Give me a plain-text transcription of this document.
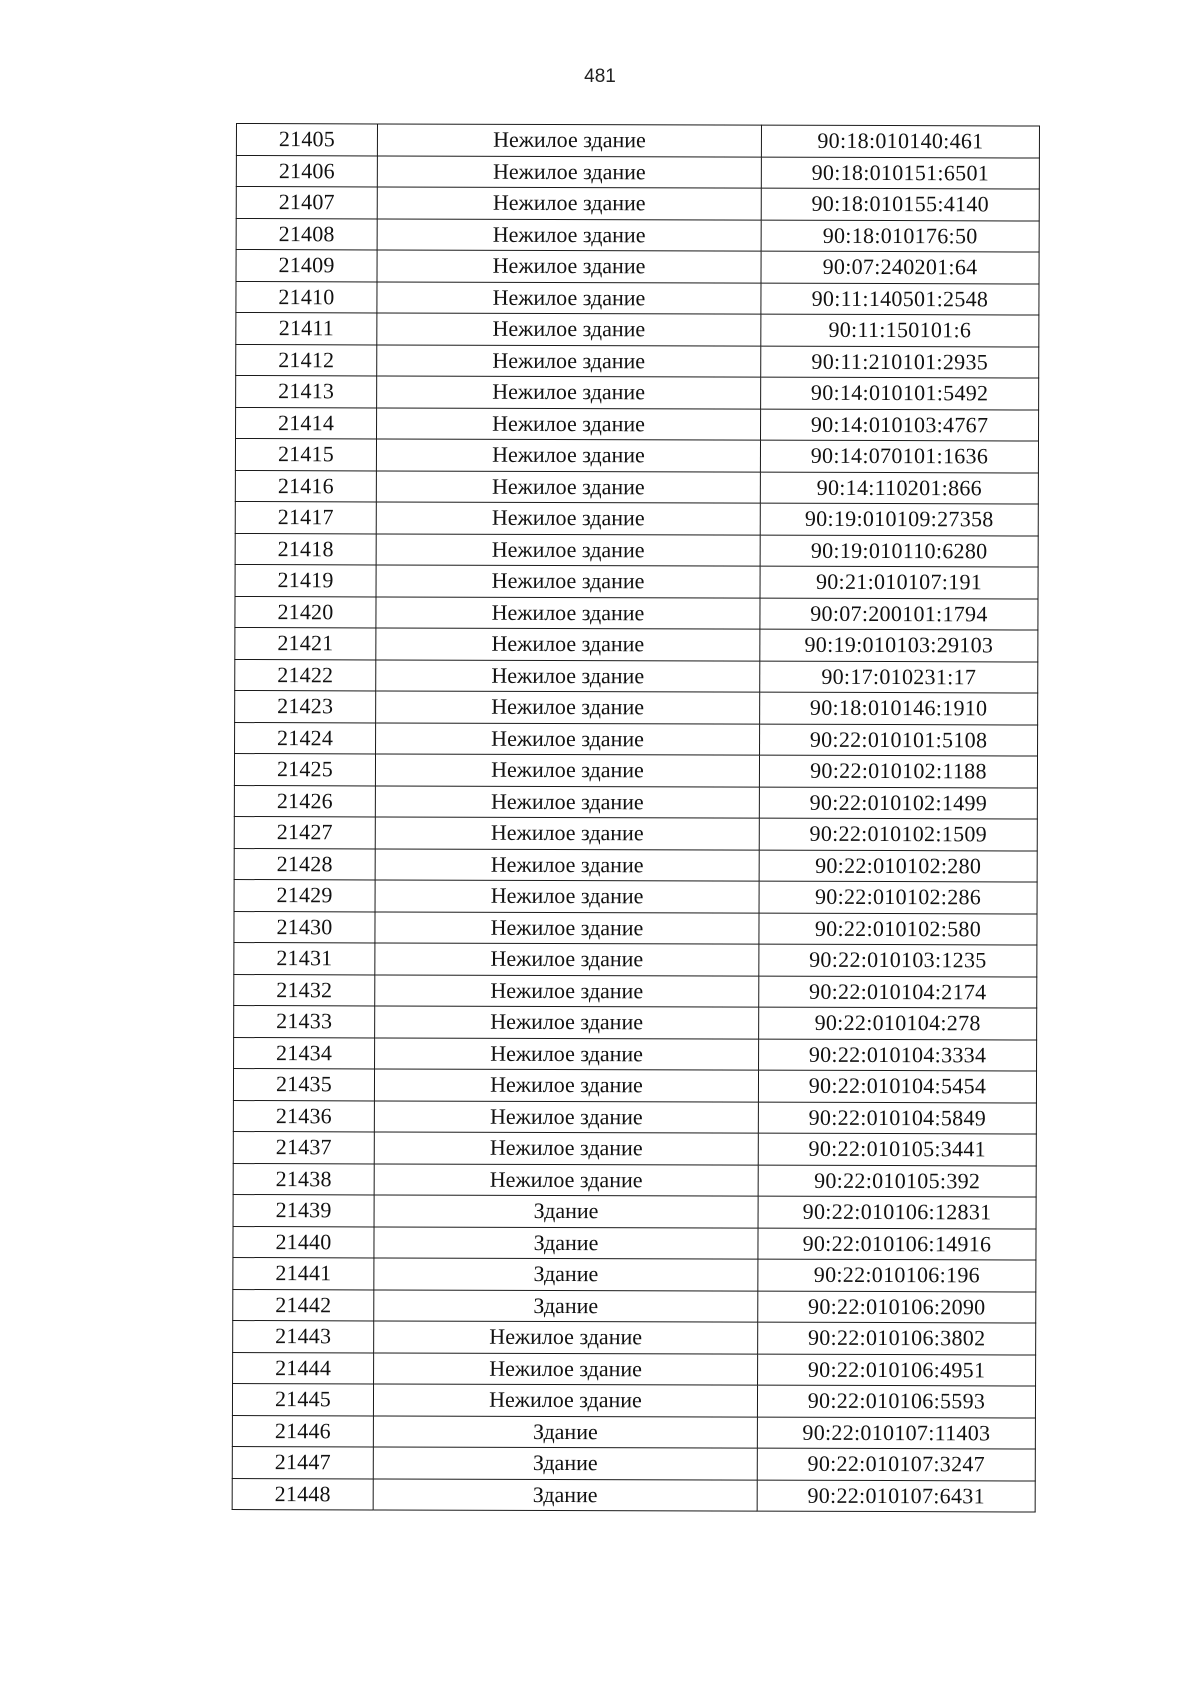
481
21405	Нежилое здание	90:18:010140:461
21406	Нежилое здание	90:18:010151:6501
21407	Нежилое здание	90:18:010155:4140
21408	Нежилое здание	90:18:010176:50
21409	Нежилое здание	90:07:240201:64
21410	Нежилое здание	90:11:140501:2548
21411	Нежилое здание	90:11:150101:6
21412	Нежилое здание	90:11:210101:2935
21413	Нежилое здание	90:14:010101:5492
21414	Нежилое здание	90:14:010103:4767
21415	Нежилое здание	90:14:070101:1636
21416	Нежилое здание	90:14:110201:866
21417	Нежилое здание	90:19:010109:27358
21418	Нежилое здание	90:19:010110:6280
21419	Нежилое здание	90:21:010107:191
21420	Нежилое здание	90:07:200101:1794
21421	Нежилое здание	90:19:010103:29103
21422	Нежилое здание	90:17:010231:17
21423	Нежилое здание	90:18:010146:1910
21424	Нежилое здание	90:22:010101:5108
21425	Нежилое здание	90:22:010102:1188
21426	Нежилое здание	90:22:010102:1499
21427	Нежилое здание	90:22:010102:1509
21428	Нежилое здание	90:22:010102:280
21429	Нежилое здание	90:22:010102:286
21430	Нежилое здание	90:22:010102:580
21431	Нежилое здание	90:22:010103:1235
21432	Нежилое здание	90:22:010104:2174
21433	Нежилое здание	90:22:010104:278
21434	Нежилое здание	90:22:010104:3334
21435	Нежилое здание	90:22:010104:5454
21436	Нежилое здание	90:22:010104:5849
21437	Нежилое здание	90:22:010105:3441
21438	Нежилое здание	90:22:010105:392
21439	Здание	90:22:010106:12831
21440	Здание	90:22:010106:14916
21441	Здание	90:22:010106:196
21442	Здание	90:22:010106:2090
21443	Нежилое здание	90:22:010106:3802
21444	Нежилое здание	90:22:010106:4951
21445	Нежилое здание	90:22:010106:5593
21446	Здание	90:22:010107:11403
21447	Здание	90:22:010107:3247
21448	Здание	90:22:010107:6431
